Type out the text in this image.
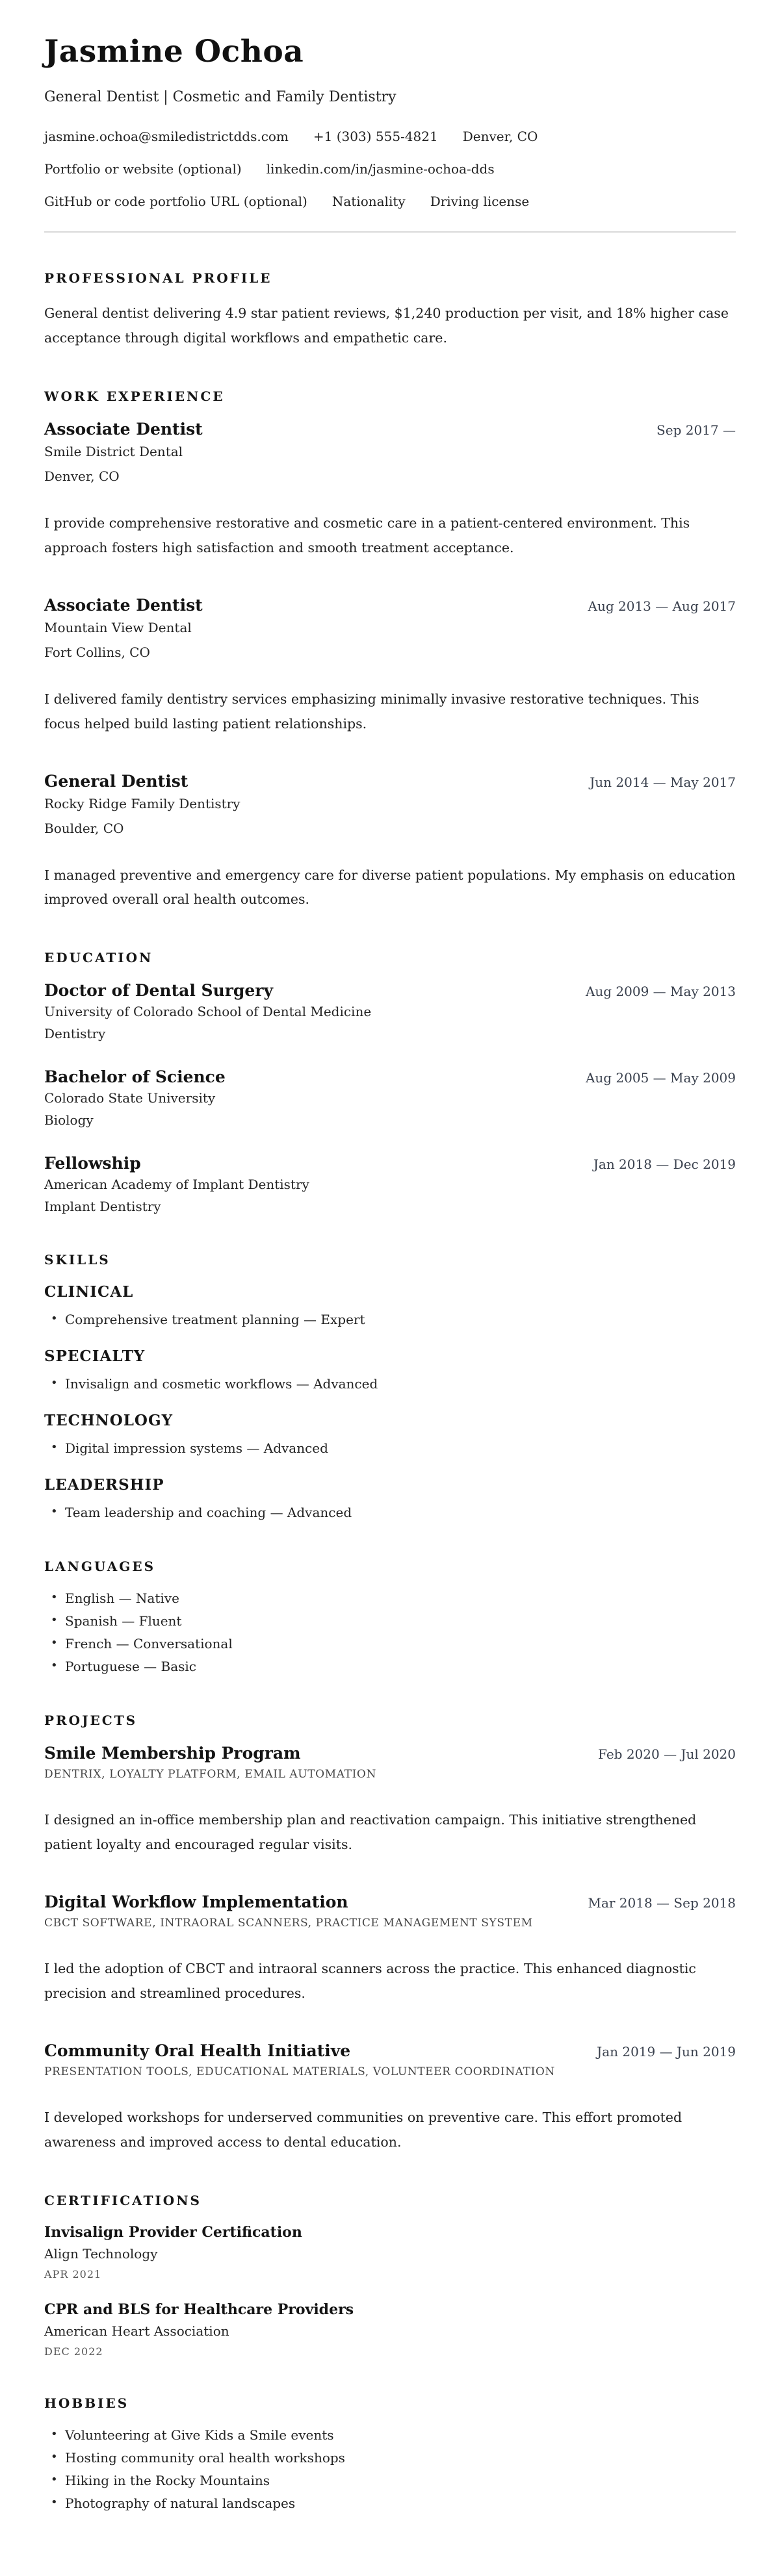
Jasmine Ochoa

General Dentist | Cosmetic and Family Dentistry

jasmine.ochoa@smiledistrictdds.com +1 (303) 555-4821 Denver, CO
Portfolio or website (optional) linkedin.com/in/jasmine-ochoa-dds
GitHub or code portfolio URL (optional) Nationality Driving license
PROFESSIONAL PROFILE

General dentist delivering 4.9 star patient reviews, $1,240 production per visit, and 18% higher case acceptance through digital workflows and empathetic care.

WORK EXPERIENCE
Associate Dentist	Sep 2017 —

Smile District Dental

Denver, CO

I provide comprehensive restorative and cosmetic care in a patient-centered environment. This approach fosters high satisfaction and smooth treatment acceptance.

Associate Dentist	Aug 2013 — Aug 2017

Mountain View Dental

Fort Collins, CO

I delivered family dentistry services emphasizing minimally invasive restorative techniques. This focus helped build lasting patient relationships.

General Dentist	Jun 2014 — May 2017

Rocky Ridge Family Dentistry

Boulder, CO

I managed preventive and emergency care for diverse patient populations. My emphasis on education improved overall oral health outcomes.

EDUCATION
Doctor of Dental Surgery	Aug 2009 — May 2013

University of Colorado School of Dental Medicine

Dentistry

Bachelor of Science	Aug 2005 — May 2009

Colorado State University

Biology

Fellowship	Jan 2018 — Dec 2019

American Academy of Implant Dentistry

Implant Dentistry

SKILLS
CLINICAL
• Comprehensive treatment planning — Expert
SPECIALTY
• Invisalign and cosmetic workflows — Advanced
TECHNOLOGY
• Digital impression systems — Advanced
LEADERSHIP
• Team leadership and coaching — Advanced
LANGUAGES
• English — Native
• Spanish — Fluent
• French — Conversational
• Portuguese — Basic
PROJECTS
Smile Membership Program	Feb 2020 — Jul 2020

DENTRIX, LOYALTY PLATFORM, EMAIL AUTOMATION

I designed an in-office membership plan and reactivation campaign. This initiative strengthened patient loyalty and encouraged regular visits.

Digital Workflow Implementation	Mar 2018 — Sep 2018

CBCT SOFTWARE, INTRAORAL SCANNERS, PRACTICE MANAGEMENT SYSTEM

I led the adoption of CBCT and intraoral scanners across the practice. This enhanced diagnostic precision and streamlined procedures.

Community Oral Health Initiative	Jan 2019 — Jun 2019

PRESENTATION TOOLS, EDUCATIONAL MATERIALS, VOLUNTEER COORDINATION

I developed workshops for underserved communities on preventive care. This effort promoted awareness and improved access to dental education.

CERTIFICATIONS
Invisalign Provider Certification

Align Technology

APR 2021

CPR and BLS for Healthcare Providers

American Heart Association

DEC 2022

HOBBIES
• Volunteering at Give Kids a Smile events
• Hosting community oral health workshops
• Hiking in the Rocky Mountains
• Photography of natural landscapes
